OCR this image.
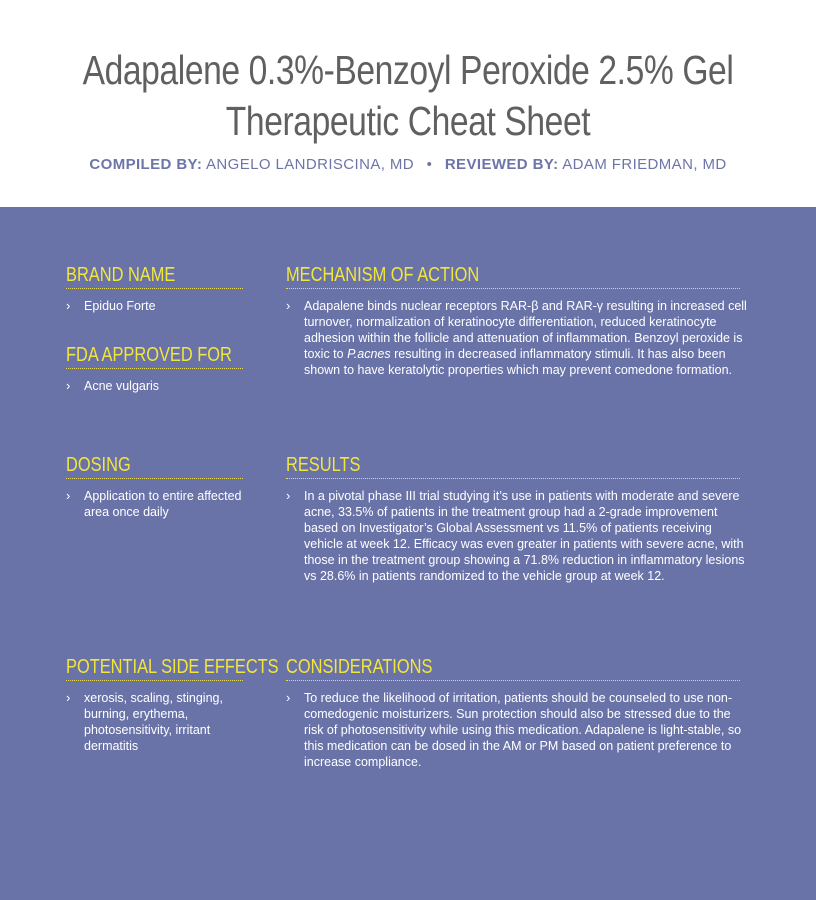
Adapalene 0.3%-Benzoyl Peroxide 2.5% Gel
Therapeutic Cheat Sheet
COMPILED BY: ANGELO LANDRISCINA, MD • REVIEWED BY: ADAM FRIEDMAN, MD
BRAND NAME
› Epiduo Forte
FDA APPROVED FOR
› Acne vulgaris
MECHANISM OF ACTION
› Adapalene binds nuclear receptors RAR-β and RAR-γ resulting in increased cell turnover, normalization of keratinocyte differentiation, reduced keratinocyte adhesion within the follicle and attenuation of inflammation. Benzoyl peroxide is toxic to P.acnes resulting in decreased inflammatory stimuli. It has also been shown to have keratolytic properties which may prevent comedone formation.
DOSING
› Application to entire affected area once daily
RESULTS
› In a pivotal phase III trial studying it’s use in patients with moderate and severe acne, 33.5% of patients in the treatment group had a 2-grade improvement based on Investigator’s Global Assessment vs 11.5% of patients receiving vehicle at week 12. Efficacy was even greater in patients with severe acne, with those in the treatment group showing a 71.8% reduction in inflammatory lesions vs 28.6% in patients randomized to the vehicle group at week 12.
POTENTIAL SIDE EFFECTS
› xerosis, scaling, stinging, burning, erythema, photosensitivity, irritant dermatitis
CONSIDERATIONS
› To reduce the likelihood of irritation, patients should be counseled to use non-comedogenic moisturizers. Sun protection should also be stressed due to the risk of photosensitivity while using this medication. Adapalene is light-stable, so this medication can be dosed in the AM or PM based on patient preference to increase compliance.
